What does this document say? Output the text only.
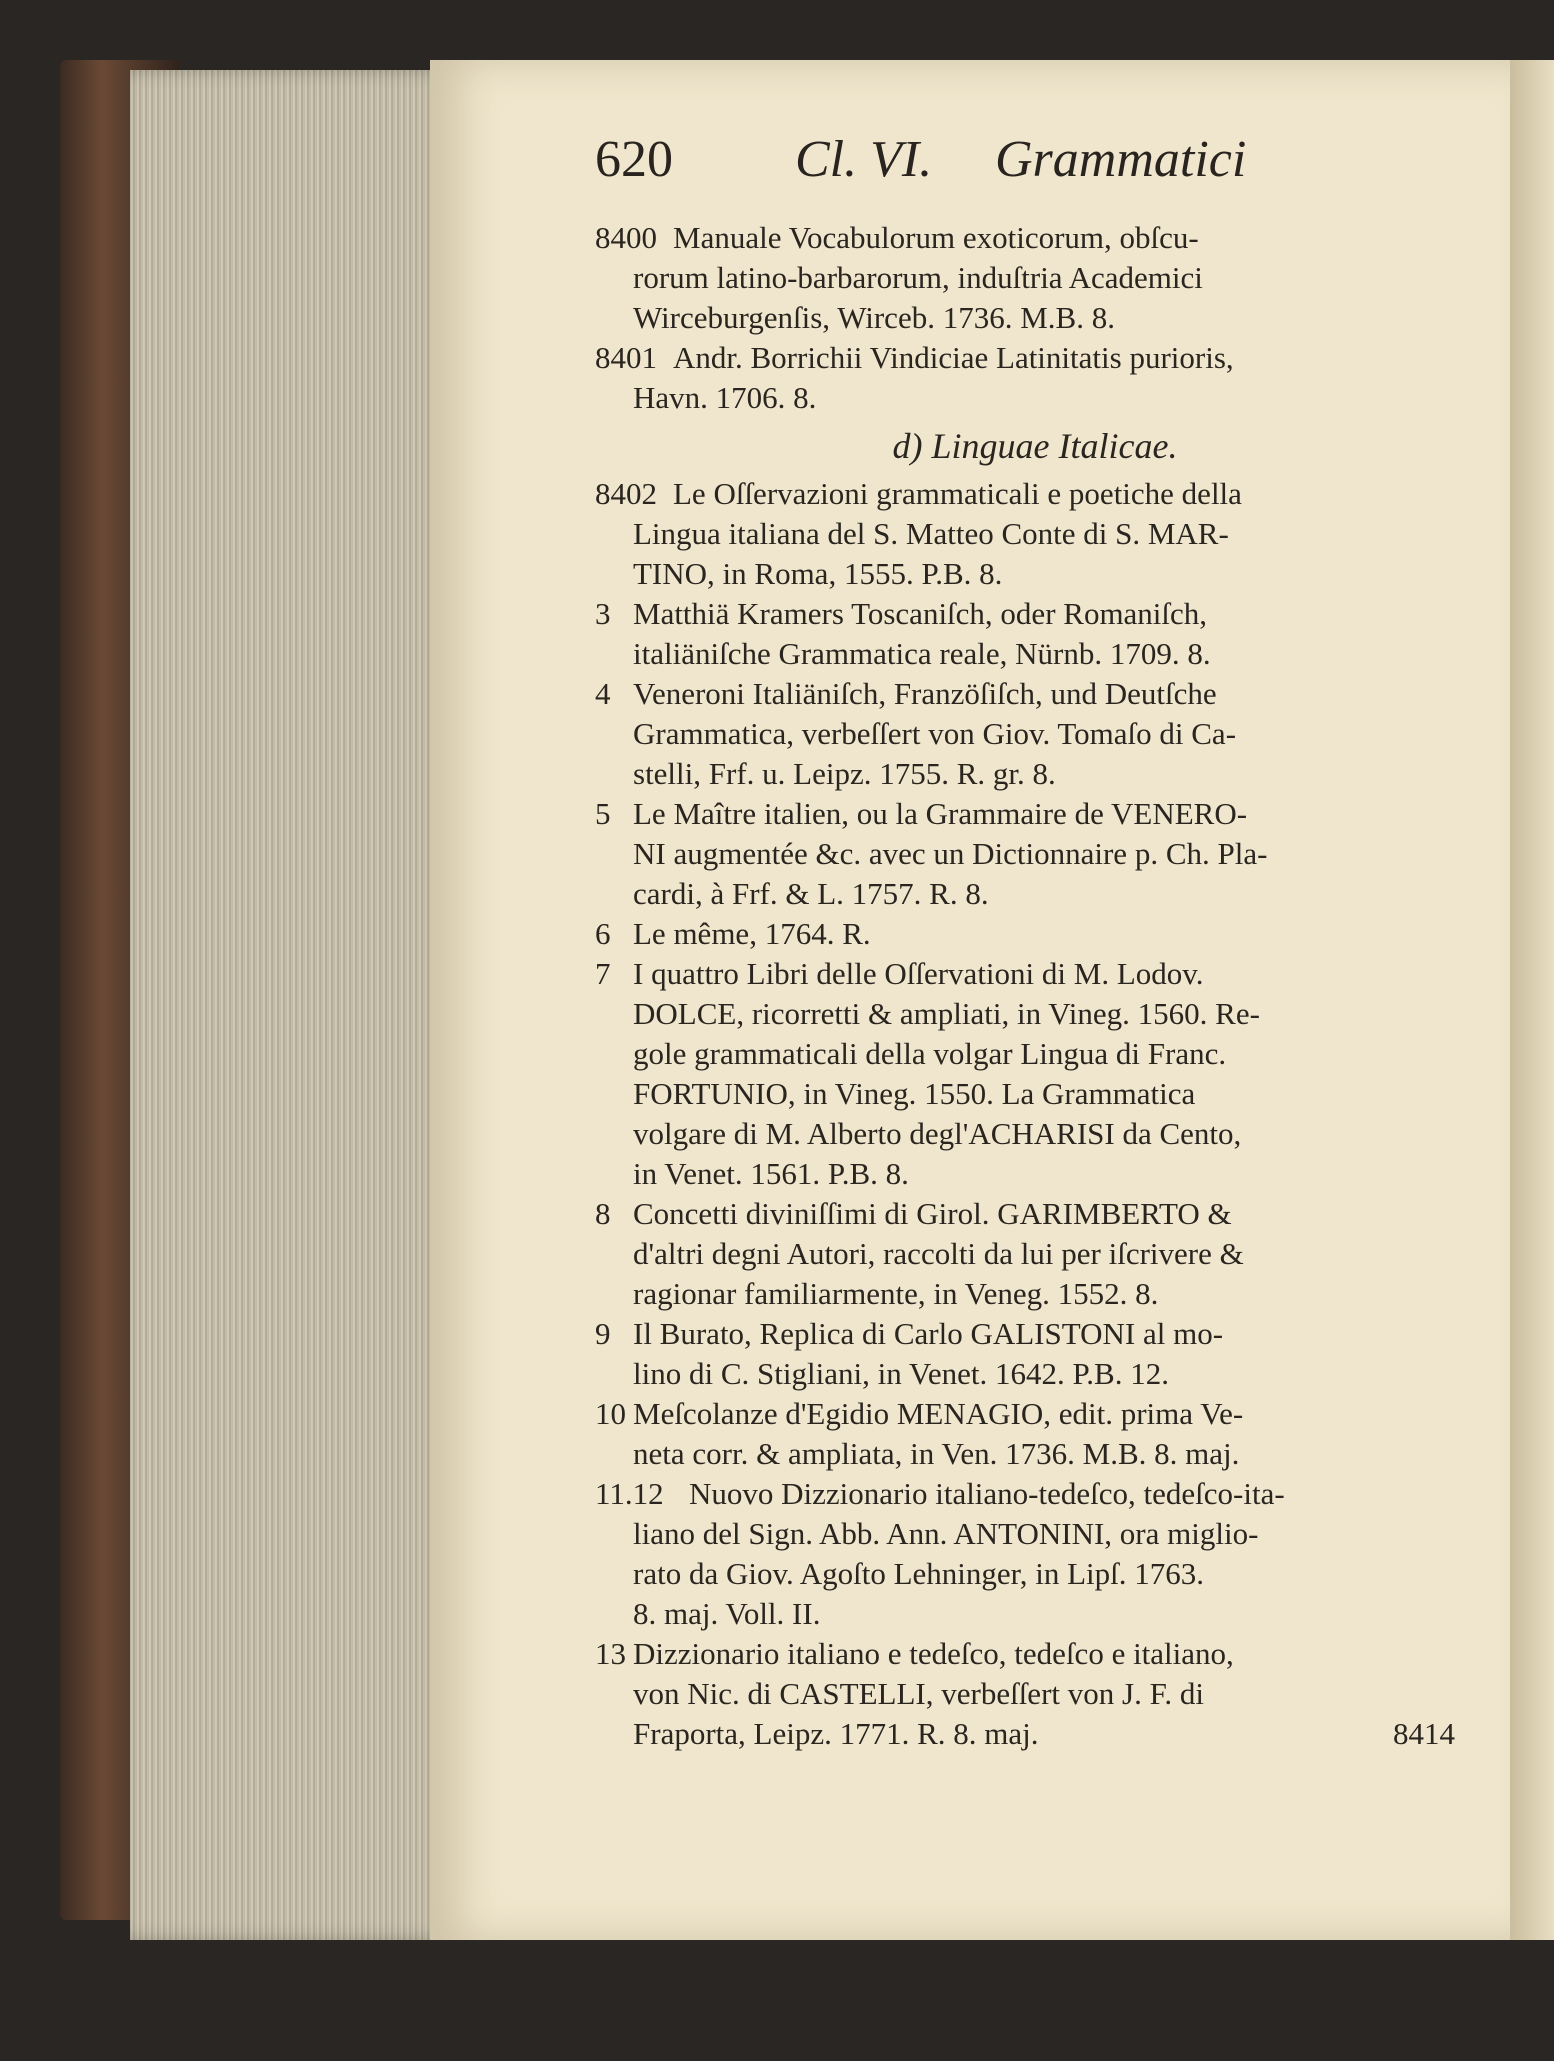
620 Cl. VI. Grammatici
8400 Manuale Vocabulorum exoticorum, obſcu-
rorum latino-barbarorum, induſtria Academici
Wirceburgenſis, Wirceb. 1736. M.B. 8.
8401 Andr. Borrichii Vindiciae Latinitatis purioris,
Havn. 1706. 8.
d) Linguae Italicae.
8402 Le Oſſervazioni grammaticali e poetiche della
Lingua italiana del S. Matteo Conte di S. MAR-
TINO, in Roma, 1555. P.B. 8.
3 Matthiä Kramers Toscaniſch, oder Romaniſch,
italiäniſche Grammatica reale, Nürnb. 1709. 8.
4 Veneroni Italiäniſch, Franzöſiſch, und Deutſche
Grammatica, verbeſſert von Giov. Tomaſo di Ca-
stelli, Frf. u. Leipz. 1755. R. gr. 8.
5 Le Maître italien, ou la Grammaire de VENERO-
NI augmentée &c. avec un Dictionnaire p. Ch. Pla-
cardi, à Frf. & L. 1757. R. 8.
6 Le même, 1764. R.
7 I quattro Libri delle Oſſervationi di M. Lodov.
DOLCE, ricorretti & ampliati, in Vineg. 1560. Re-
gole grammaticali della volgar Lingua di Franc.
FORTUNIO, in Vineg. 1550. La Grammatica
volgare di M. Alberto degl'ACHARISI da Cento,
in Venet. 1561. P.B. 8.
8 Concetti diviniſſimi di Girol. GARIMBERTO &
d'altri degni Autori, raccolti da lui per iſcrivere &
ragionar familiarmente, in Veneg. 1552. 8.
9 Il Burato, Replica di Carlo GALISTONI al mo-
lino di C. Stigliani, in Venet. 1642. P.B. 12.
10 Meſcolanze d'Egidio MENAGIO, edit. prima Ve-
neta corr. & ampliata, in Ven. 1736. M.B. 8. maj.
11.12 Nuovo Dizzionario italiano-tedeſco, tedeſco-ita-
liano del Sign. Abb. Ann. ANTONINI, ora miglio-
rato da Giov. Agoſto Lehninger, in Lipſ. 1763.
8. maj. Voll. II.
13 Dizzionario italiano e tedeſco, tedeſco e italiano,
von Nic. di CASTELLI, verbeſſert von J. F. di
Fraporta, Leipz. 1771. R. 8. maj.	8414
